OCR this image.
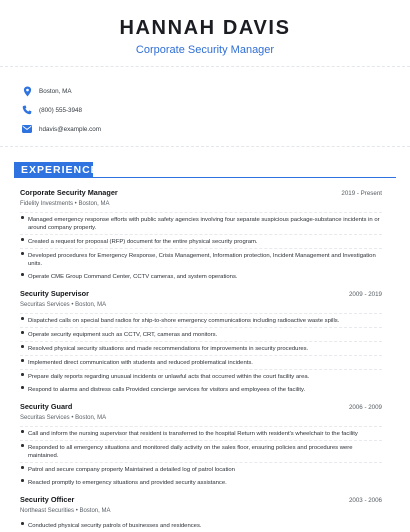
HANNAH DAVIS
Corporate Security Manager
Boston, MA
(800) 555-3948
hdavis@example.com
EXPERIENCE
Corporate Security Manager	2019 - Present
Fidelity Investments • Boston, MA
Managed emergency response efforts with public safety agencies involving four separate suspicious package-substance incidents in or around company property.
Created a request for proposal (RFP) document for the entire physical security program.
Developed procedures for Emergency Response, Crisis Management, Information protection, Incident Management and Investigation units.
Operate CME Group Command Center, CCTV cameras, and system operations.
Security Supervisor	2009 - 2019
Securitas Services • Boston, MA
Dispatched calls on special band radios for ship-to-shore emergency communications including radioactive waste spills.
Operate security equipment such as CCTV, CRT, cameras and monitors.
Resolved physical security situations and made recommendations for improvements in security procedures.
Implemented direct communication with students and reduced problematical incidents.
Prepare daily reports regarding unusual incidents or unlawful acts that occurred within the court facility area.
Respond to alarms and distress calls Provided concierge services for visitors and employees of the facility.
Security Guard	2006 - 2009
Securitas Services • Boston, MA
Call and inform the nursing supervisor that resident is transferred to the hospital Return with resident's wheelchair to the facility
Responded to all emergency situations and monitored daily activity on the sales floor, ensuring policies and procedures were maintained.
Patrol and secure company property Maintained a detailed log of patrol location
Reacted promptly to emergency situations and provided security assistance.
Security Officer	2003 - 2006
Northeast Securities • Boston, MA
Conducted physical security patrols of businesses and residences.
